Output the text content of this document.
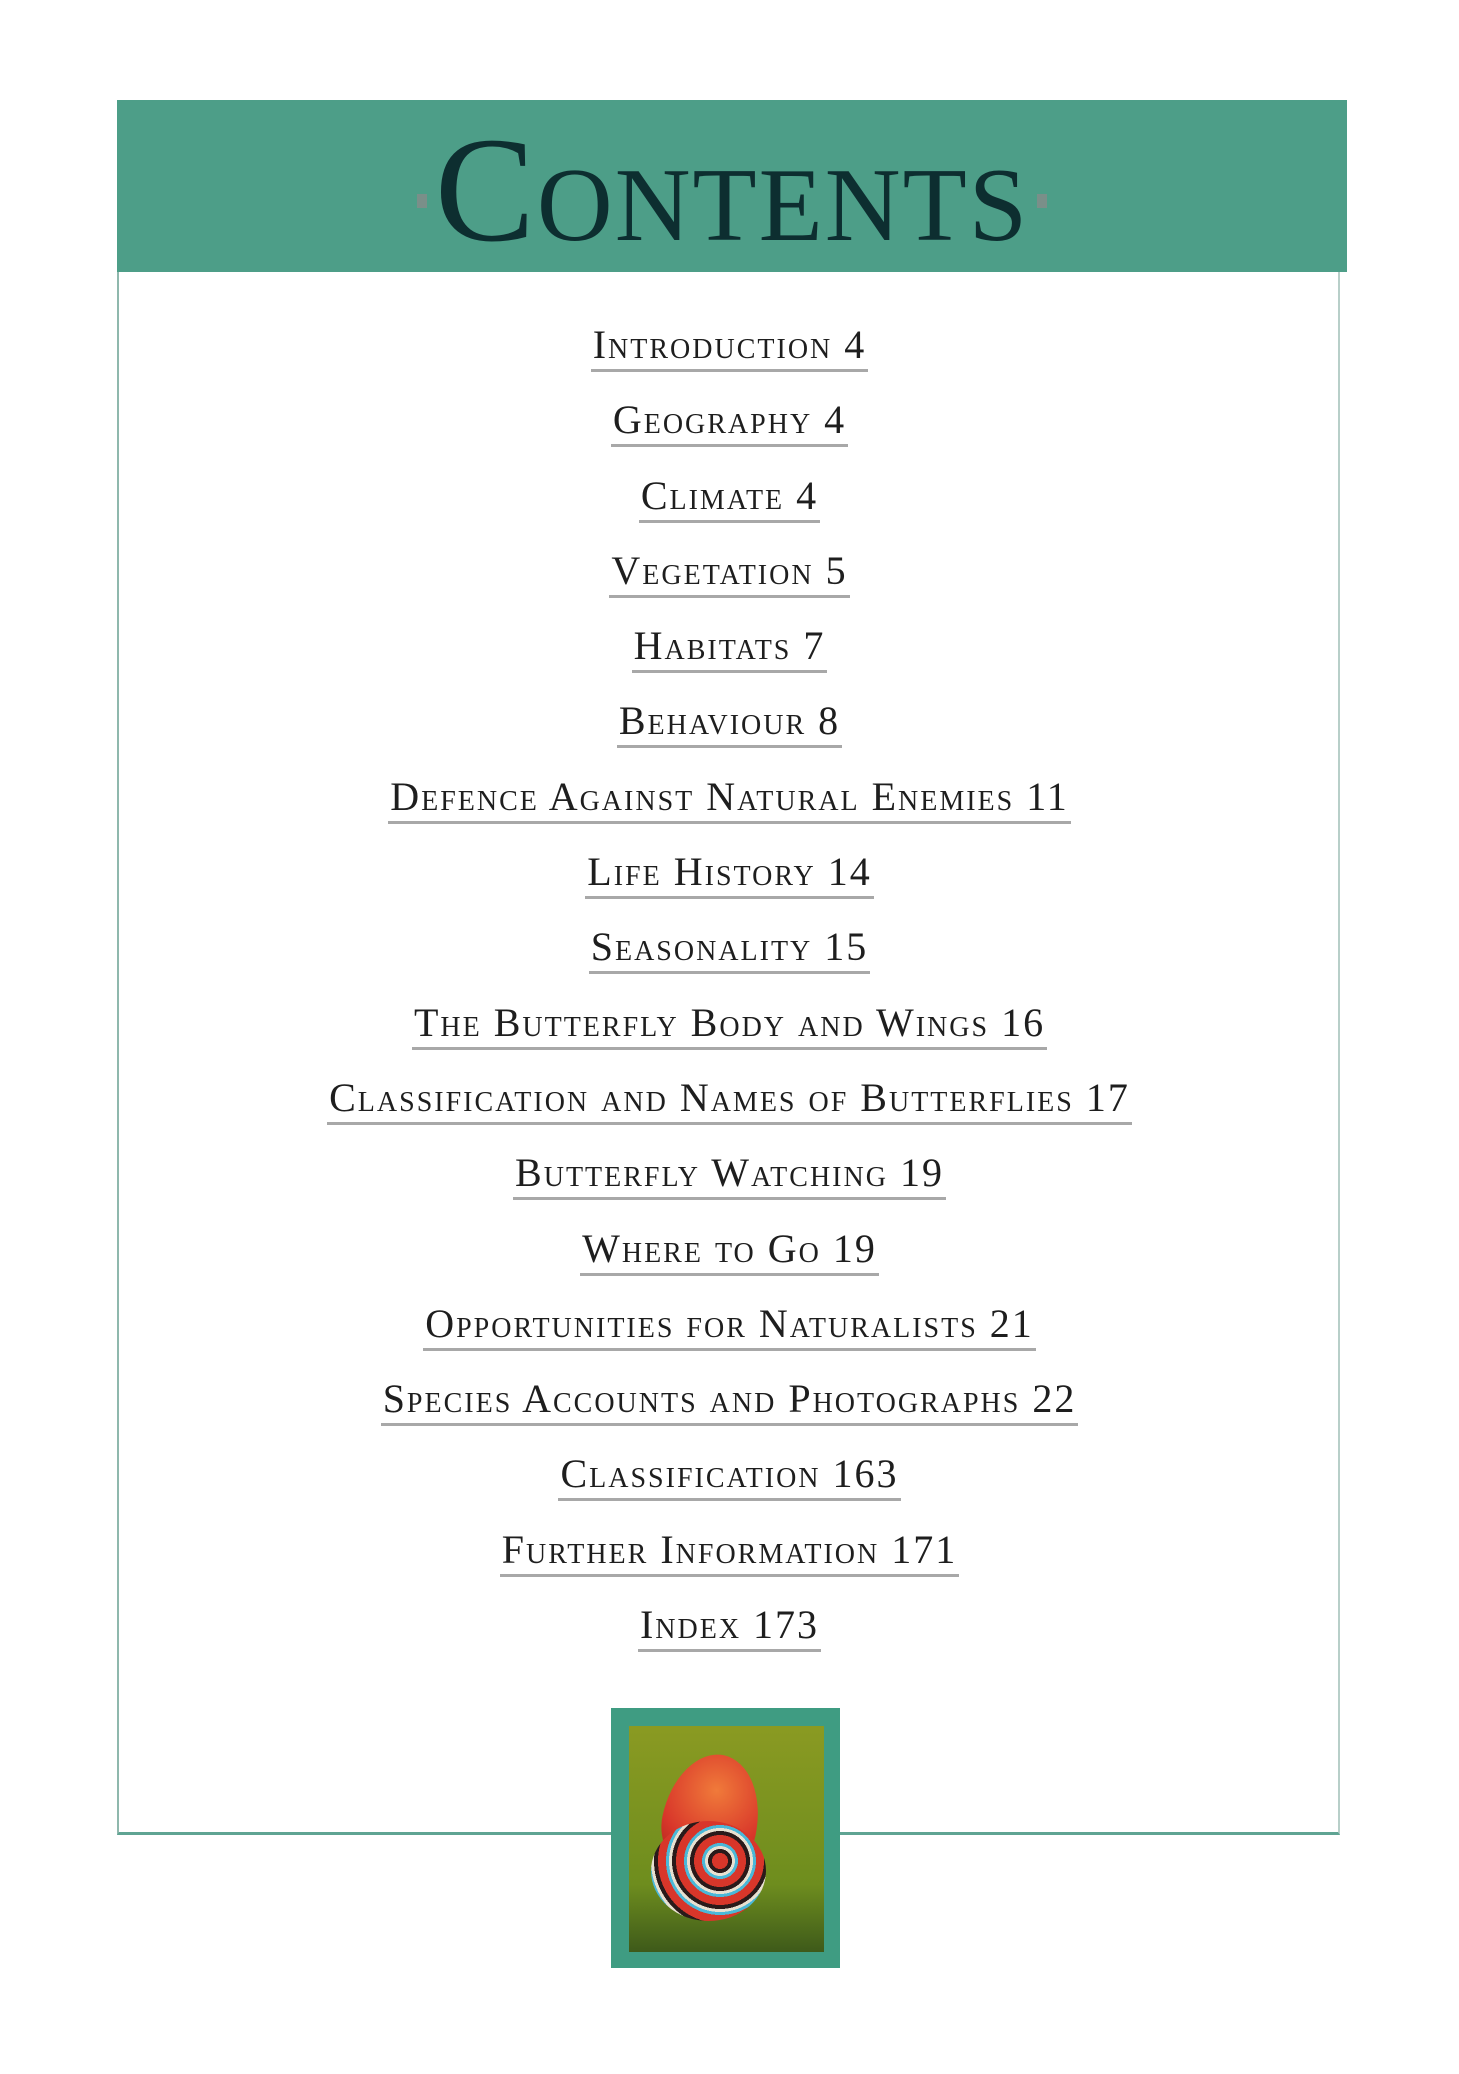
Contents
Introduction 4
Geography 4
Climate 4
Vegetation 5
Habitats 7
Behaviour 8
Defence Against Natural Enemies 11
Life History 14
Seasonality 15
The Butterfly Body and Wings 16
Classification and Names of Butterflies 17
Butterfly Watching 19
Where to Go 19
Opportunities for Naturalists 21
Species Accounts and Photographs 22
Classification 163
Further Information 171
Index 173
